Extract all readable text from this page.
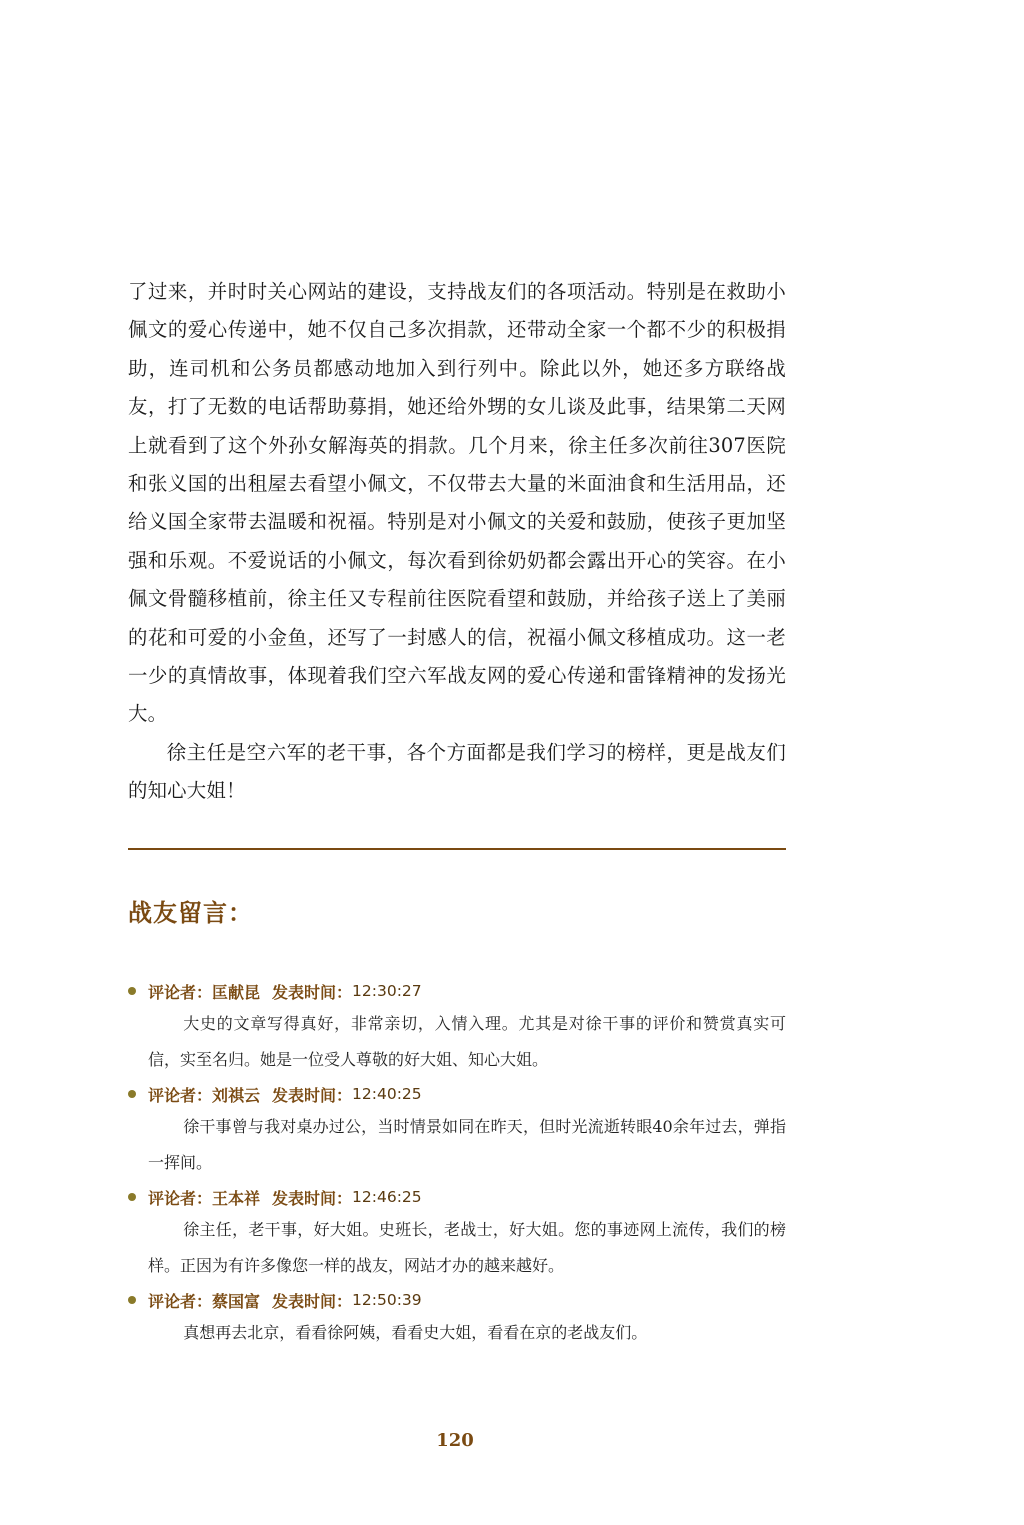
了过来，并时时关心网站的建设，支持战友们的各项活动。特别是在救助小佩文的爱心传递中，她不仅自己多次捐款，还带动全家一个都不少的积极捐助，连司机和公务员都感动地加入到行列中。除此以外，她还多方联络战友，打了无数的电话帮助募捐，她还给外甥的女儿谈及此事，结果第二天网上就看到了这个外孙女解海英的捐款。几个月来，徐主任多次前往307医院和张义国的出租屋去看望小佩文，不仅带去大量的米面油食和生活用品，还给义国全家带去温暖和祝福。特别是对小佩文的关爱和鼓励，使孩子更加坚强和乐观。不爱说话的小佩文，每次看到徐奶奶都会露出开心的笑容。在小佩文骨髓移植前，徐主任又专程前往医院看望和鼓励，并给孩子送上了美丽的花和可爱的小金鱼，还写了一封感人的信，祝福小佩文移植成功。这一老一少的真情故事，体现着我们空六军战友网的爱心传递和雷锋精神的发扬光大。

徐主任是空六军的老干事，各个方面都是我们学习的榜样，更是战友们的知心大姐！

战友留言：
评论者：匡献昆 发表时间： 12:30:27
大史的文章写得真好，非常亲切，入情入理。尤其是对徐干事的评价和赞赏真实可信，实至名归。她是一位受人尊敬的好大姐、知心大姐。
评论者：刘祺云 发表时间： 12:40:25
徐干事曾与我对桌办过公，当时情景如同在昨天，但时光流逝转眼40余年过去，弹指一挥间。
评论者：王本祥 发表时间： 12:46:25
徐主任，老干事，好大姐。史班长，老战士，好大姐。您的事迹网上流传，我们的榜样。正因为有许多像您一样的战友，网站才办的越来越好。
评论者：蔡国富 发表时间： 12:50:39
真想再去北京，看看徐阿姨，看看史大姐，看看在京的老战友们。
120
